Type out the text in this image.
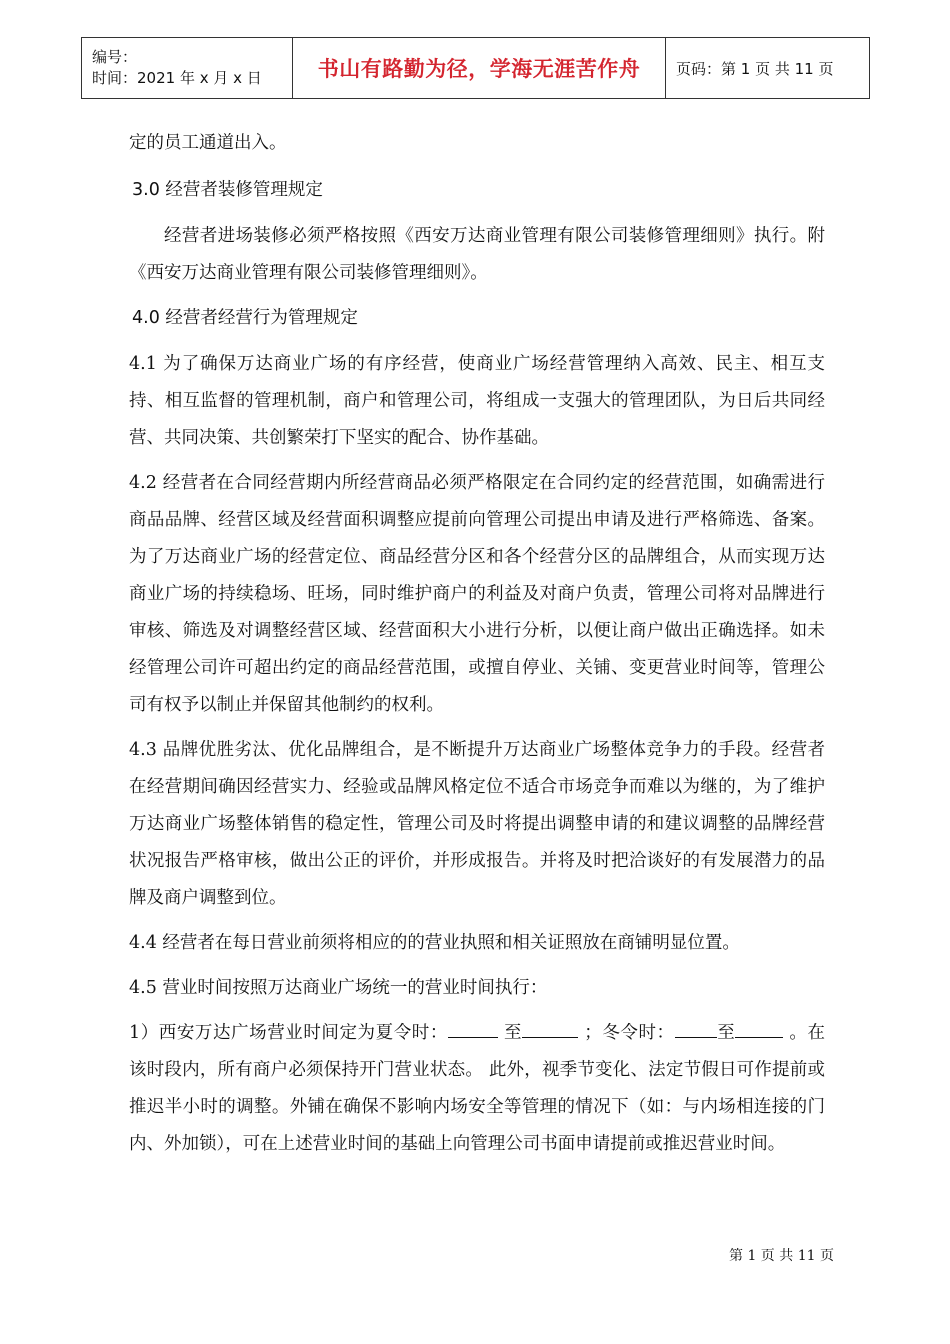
编号：
时间：2021 年 x 月 x 日	书山有路勤为径，学海无涯苦作舟	页码：第 1 页 共 11 页

定的员工通道出入。

3.0 经营者装修管理规定

经营者进场装修必须严格按照《西安万达商业管理有限公司装修管理细则》执行。附《西安万达商业管理有限公司装修管理细则》。

4.0 经营者经营行为管理规定

4.1 为了确保万达商业广场的有序经营，使商业广场经营管理纳入高效、民主、相互支持、相互监督的管理机制，商户和管理公司，将组成一支强大的管理团队，为日后共同经营、共同决策、共创繁荣打下坚实的配合、协作基础。

4.2 经营者在合同经营期内所经营商品必须严格限定在合同约定的经营范围，如确需进行商品品牌、经营区域及经营面积调整应提前向管理公司提出申请及进行严格筛选、备案。为了万达商业广场的经营定位、商品经营分区和各个经营分区的品牌组合，从而实现万达商业广场的持续稳场、旺场，同时维护商户的利益及对商户负责，管理公司将对品牌进行审核、筛选及对调整经营区域、经营面积大小进行分析，以便让商户做出正确选择。如未经管理公司许可超出约定的商品经营范围，或擅自停业、关铺、变更营业时间等，管理公司有权予以制止并保留其他制约的权利。

4.3 品牌优胜劣汰、优化品牌组合，是不断提升万达商业广场整体竞争力的手段。经营者在经营期间确因经营实力、经验或品牌风格定位不适合市场竞争而难以为继的，为了维护万达商业广场整体销售的稳定性，管理公司及时将提出调整申请的和建议调整的品牌经营状况报告严格审核，做出公正的评价，并形成报告。并将及时把洽谈好的有发展潜力的品牌及商户调整到位。

4.4 经营者在每日营业前须将相应的的营业执照和相关证照放在商铺明显位置。

4.5 营业时间按照万达商业广场统一的营业时间执行：

1）西安万达广场营业时间定为夏令时：	至	；冬令时： 至	。在该时段内，所有商户必须保持开门营业状态。 此外，视季节变化、法定节假日可作提前或推迟半小时的调整。外铺在确保不影响内场安全等管理的情况下（如：与内场相连接的门内、外加锁），可在上述营业时间的基础上向管理公司书面申请提前或推迟营业时间。

第 1 页 共 11 页
